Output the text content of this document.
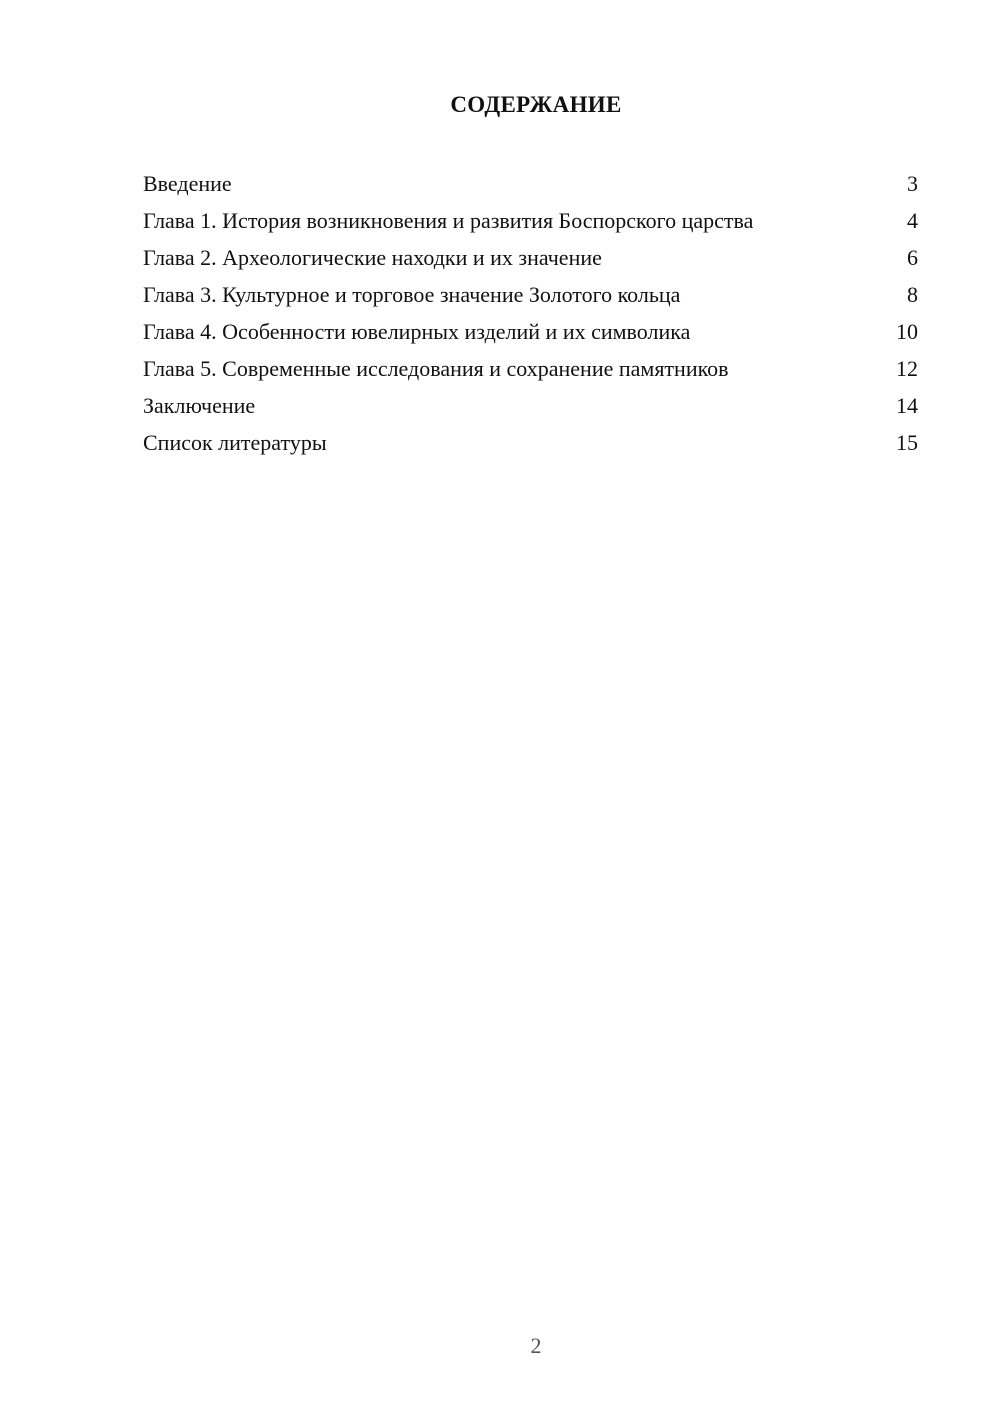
СОДЕРЖАНИЕ
Введение	3
Глава 1. История возникновения и развития Боспорского царства	4
Глава 2. Археологические находки и их значение	6
Глава 3. Культурное и торговое значение Золотого кольца	8
Глава 4. Особенности ювелирных изделий и их символика	10
Глава 5. Современные исследования и сохранение памятников	12
Заключение	14
Список литературы	15
2
